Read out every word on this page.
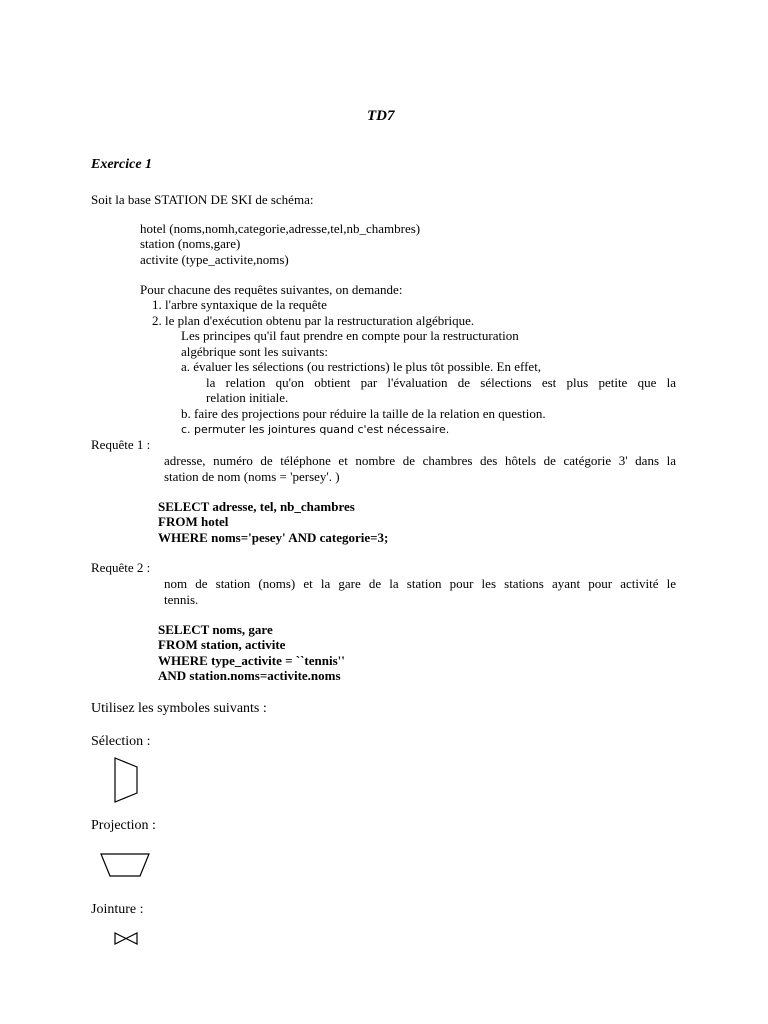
TD7
Exercice 1
Soit la base STATION DE SKI de schéma:
hotel (noms,nomh,categorie,adresse,tel,nb_chambres)
station (noms,gare)
activite (type_activite,noms)
Pour chacune des requêtes suivantes, on demande:
1. l'arbre syntaxique de la requête
2. le plan d'exécution obtenu par la restructuration algébrique.
Les principes qu'il faut prendre en compte pour la restructuration
algébrique sont les suivants:
a. évaluer les sélections (ou restrictions) le plus tôt possible. En effet,
la relation qu'on obtient par l'évaluation de sélections est plus petite que la
relation initiale.
b. faire des projections pour réduire la taille de la relation en question.
c. permuter les jointures quand c'est nécessaire.
Requête 1 :
adresse, numéro de téléphone et nombre de chambres des hôtels de catégorie 3' dans la
station de nom (noms = 'persey'. )
SELECT adresse, tel, nb_chambres
FROM hotel
WHERE noms='pesey' AND categorie=3;
Requête 2 :
nom de station (noms) et la gare de la station pour les stations ayant pour activité le
tennis.
SELECT noms, gare
FROM station, activite
WHERE type_activite = ``tennis''
AND station.noms=activite.noms
Utilisez les symboles suivants :
Sélection :
Projection :
Jointure :
